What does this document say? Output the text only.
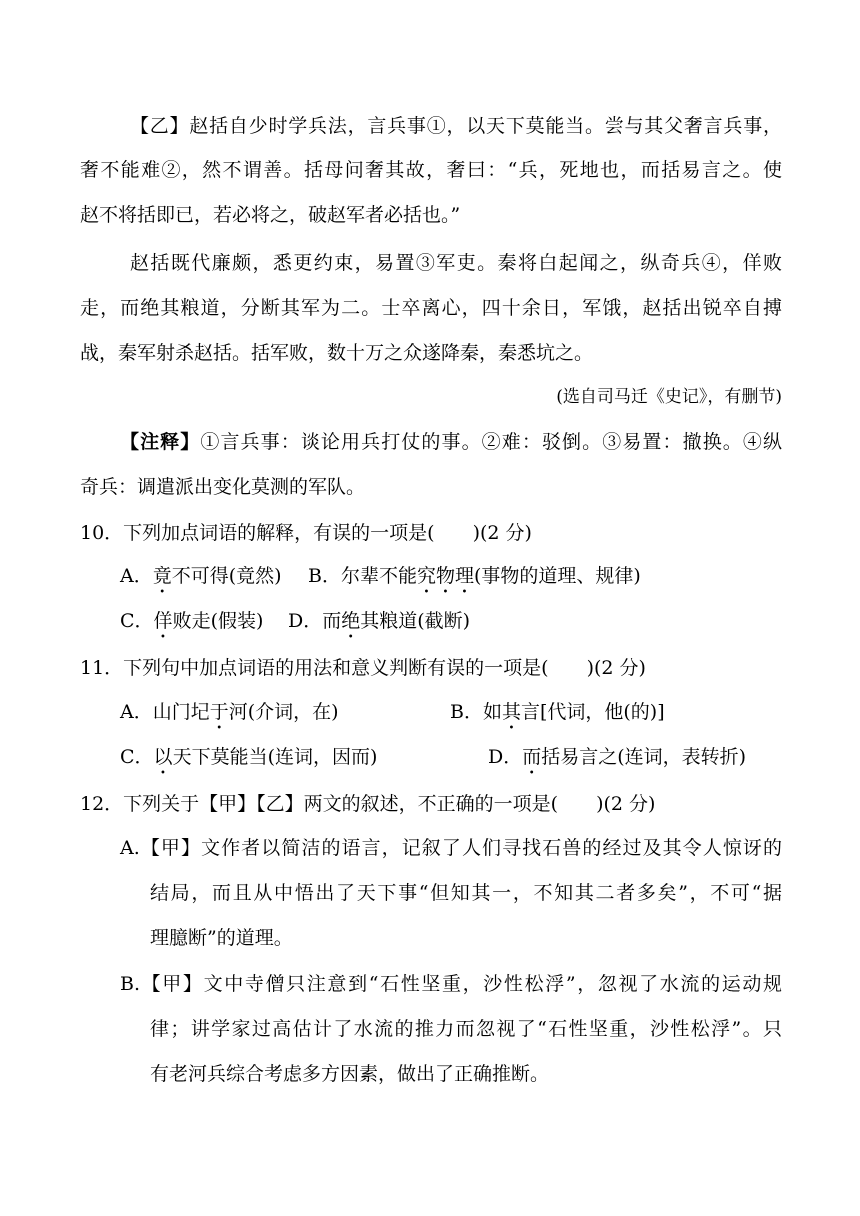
【乙】赵括自少时学兵法，言兵事①，以天下莫能当。尝与其父奢言兵事，
奢不能难②，然不谓善。括母问奢其故，奢曰：“兵，死地也，而括易言之。使
赵不将括即已，若必将之，破赵军者必括也。”
赵括既代廉颇，悉更约束，易置③军吏。秦将白起闻之，纵奇兵④，佯败
走，而绝其粮道，分断其军为二。士卒离心，四十余日，军饿，赵括出锐卒自搏
战，秦军射杀赵括。括军败，数十万之众遂降秦，秦悉坑之。
(选自司马迁《史记》，有删节)
【注释】①言兵事：谈论用兵打仗的事。②难：驳倒。③易置：撤换。④纵
奇兵：调遣派出变化莫测的军队。
10．下列加点词语的解释，有误的一项是(　　)(2 分)
A．竟不可得(竟然) B．尔辈不能究物理(事物的道理、规律)
C．佯败走(假装) D．而绝其粮道(截断)
11．下列句中加点词语的用法和意义判断有误的一项是(　　)(2 分)
A．山门圮于河(介词，在)	B．如其言[代词，他(的)]
C．以天下莫能当(连词，因而)	D．而括易言之(连词，表转折)
12．下列关于【甲】【乙】两文的叙述，不正确的一项是(　　)(2 分)
A.【甲】文作者以简洁的语言，记叙了人们寻找石兽的经过及其令人惊讶的
结局，而且从中悟出了天下事“但知其一，不知其二者多矣”，不可“据
理臆断”的道理。
B.【甲】文中寺僧只注意到“石性坚重，沙性松浮”，忽视了水流的运动规
律；讲学家过高估计了水流的推力而忽视了“石性坚重，沙性松浮”。只
有老河兵综合考虑多方因素，做出了正确推断。
